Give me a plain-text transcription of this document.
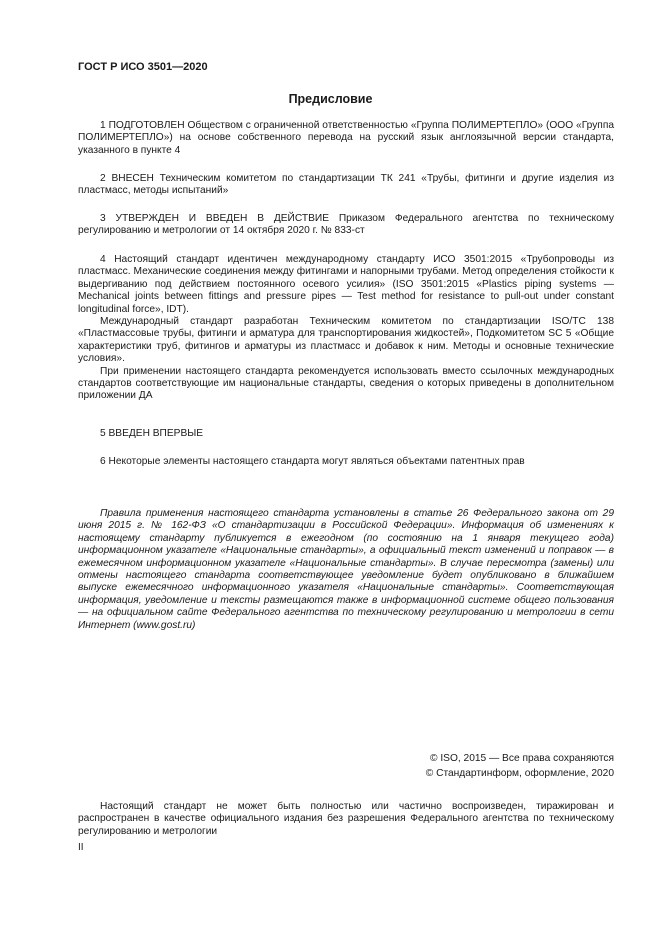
ГОСТ Р ИСО 3501—2020
Предисловие

1 ПОДГОТОВЛЕН Обществом с ограниченной ответственностью «Группа ПОЛИМЕРТЕПЛО» (ООО «Группа ПОЛИМЕРТЕПЛО») на основе собственного перевода на русский язык англоязычной версии стандарта, указанного в пункте 4

2 ВНЕСЕН Техническим комитетом по стандартизации ТК 241 «Трубы, фитинги и другие изделия из пластмасс, методы испытаний»

3 УТВЕРЖДЕН И ВВЕДЕН В ДЕЙСТВИЕ Приказом Федерального агентства по техническому регулированию и метрологии от 14 октября 2020 г. № 833-ст

4 Настоящий стандарт идентичен международному стандарту ИСО 3501:2015 «Трубопроводы из пластмасс. Механические соединения между фитингами и напорными трубами. Метод определения стойкости к выдергиванию под действием постоянного осевого усилия» (ISO 3501:2015 «Plastics piping systems — Mechanical joints between fittings and pressure pipes — Test method for resistance to pull-out under constant longitudinal force», IDT).

Международный стандарт разработан Техническим комитетом по стандартизации ISO/TC 138 «Пластмассовые трубы, фитинги и арматура для транспортирования жидкостей», Подкомитетом SC 5 «Общие характеристики труб, фитингов и арматуры из пластмасс и добавок к ним. Методы и основные технические условия».

При применении настоящего стандарта рекомендуется использовать вместо ссылочных международных стандартов соответствующие им национальные стандарты, сведения о которых приведены в дополнительном приложении ДА

5 ВВЕДЕН ВПЕРВЫЕ

6 Некоторые элементы настоящего стандарта могут являться объектами патентных прав

Правила применения настоящего стандарта установлены в статье 26 Федерального закона от 29 июня 2015 г. № 162-ФЗ «О стандартизации в Российской Федерации». Информация об изменениях к настоящему стандарту публикуется в ежегодном (по состоянию на 1 января текущего года) информационном указателе «Национальные стандарты», а официальный текст изменений и поправок — в ежемесячном информационном указателе «Национальные стандарты». В случае пересмотра (замены) или отмены настоящего стандарта соответствующее уведомление будет опубликовано в ближайшем выпуске ежемесячного информационного указателя «Национальные стандарты». Соответствующая информация, уведомление и тексты размещаются также в информационной системе общего пользования — на официальном сайте Федерального агентства по техническому регулированию и метрологии в сети Интернет (www.gost.ru)

© ISO, 2015 — Все права сохраняются
© Стандартинформ, оформление, 2020

Настоящий стандарт не может быть полностью или частично воспроизведен, тиражирован и распространен в качестве официального издания без разрешения Федерального агентства по техническому регулированию и метрологии

II
